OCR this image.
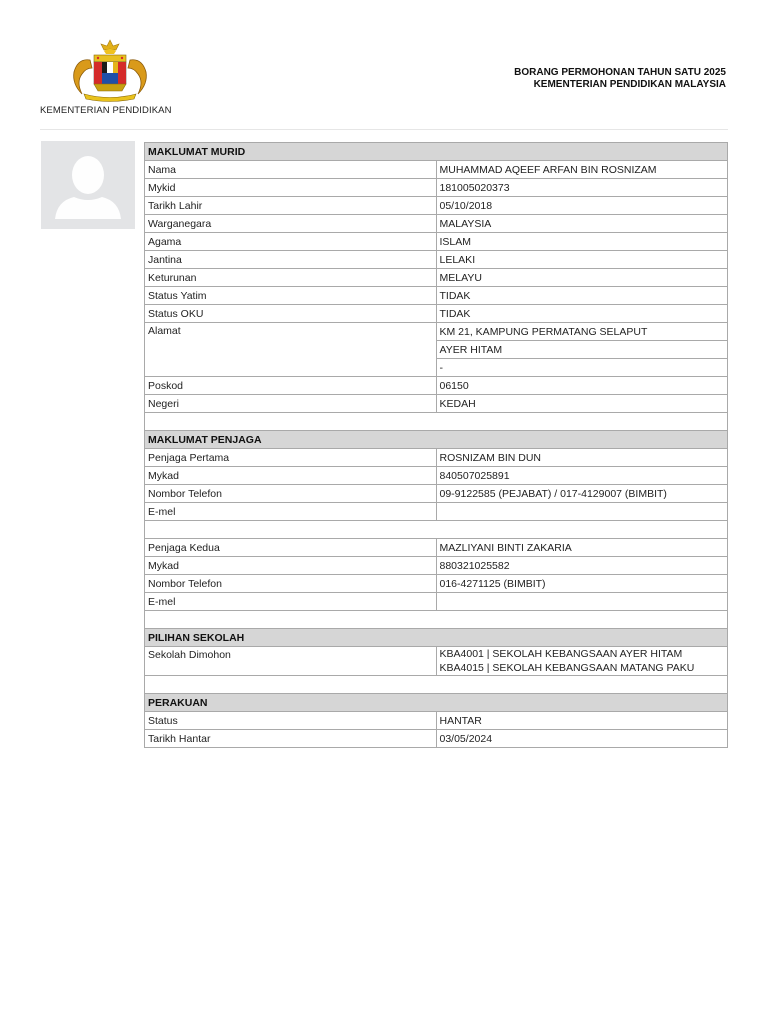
KEMENTERIAN PENDIDIKAN
BORANG PERMOHONAN TAHUN SATU 2025
KEMENTERIAN PENDIDIKAN MALAYSIA
MAKLUMAT MURID	
Nama	MUHAMMAD AQEEF ARFAN BIN ROSNIZAM
Mykid	181005020373
Tarikh Lahir	05/10/2018
Warganegara	MALAYSIA
Agama	ISLAM
Jantina	LELAKI
Keturunan	MELAYU
Status Yatim	TIDAK
Status OKU	TIDAK
Alamat	KM 21, KAMPUNG PERMATANG SELAPUT
	AYER HITAM
	-
Poskod	06150
Negeri	KEDAH

MAKLUMAT PENJAGA	
Penjaga Pertama	ROSNIZAM BIN DUN
Mykad	840507025891
Nombor Telefon	09-9122585 (PEJABAT) / 017-4129007 (BIMBIT)
E-mel	

Penjaga Kedua	MAZLIYANI BINTI ZAKARIA
Mykad	880321025582
Nombor Telefon	016-4271125 (BIMBIT)
E-mel	

PILIHAN SEKOLAH	
Sekolah Dimohon	KBA4001 | SEKOLAH KEBANGSAAN AYER HITAM
KBA4015 | SEKOLAH KEBANGSAAN MATANG PAKU

PERAKUAN	
Status	HANTAR
Tarikh Hantar	03/05/2024
